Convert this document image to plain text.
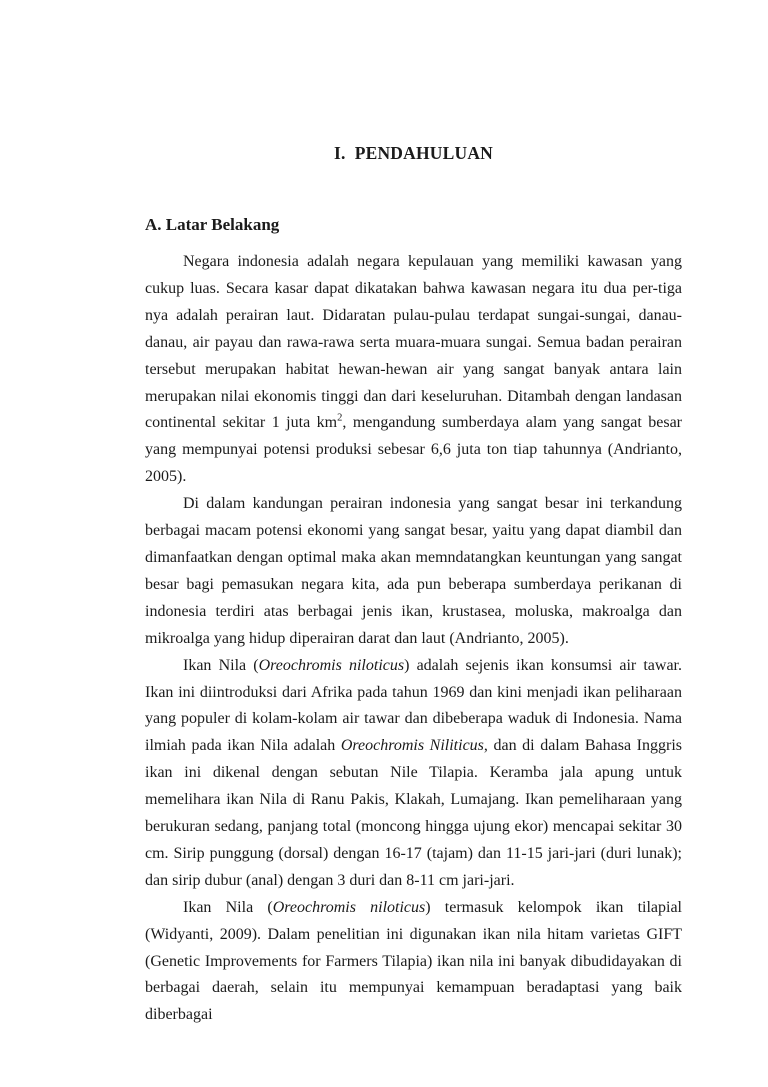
I.  PENDAHULUAN
A. Latar Belakang

Negara indonesia adalah negara kepulauan yang memiliki kawasan yang cukup luas. Secara kasar dapat dikatakan bahwa kawasan negara itu dua per-tiga nya adalah perairan laut. Didaratan pulau-pulau terdapat sungai-sungai, danau-danau, air payau dan rawa-rawa serta muara-muara sungai. Semua badan perairan tersebut merupakan habitat hewan-hewan air yang sangat banyak antara lain merupakan nilai ekonomis tinggi dan dari keseluruhan. Ditambah dengan landasan continental sekitar 1 juta $km^2$, mengandung sumberdaya alam yang sangat besar yang mempunyai potensi produksi sebesar 6,6 juta ton tiap tahunnya (Andrianto, 2005).

Di dalam kandungan perairan indonesia yang sangat besar ini terkandung berbagai macam potensi ekonomi yang sangat besar, yaitu yang dapat diambil dan dimanfaatkan dengan optimal maka akan memndatangkan keuntungan yang sangat besar bagi pemasukan negara kita, ada pun beberapa sumberdaya perikanan di indonesia terdiri atas berbagai jenis ikan, krustasea, moluska, makroalga dan mikroalga yang hidup diperairan darat dan laut (Andrianto, 2005).

Ikan Nila (Oreochromis niloticus) adalah sejenis ikan konsumsi air tawar. Ikan ini diintroduksi dari Afrika pada tahun 1969 dan kini menjadi ikan peliharaan yang populer di kolam-kolam air tawar dan dibeberapa waduk di Indonesia. Nama ilmiah pada ikan Nila adalah Oreochromis Niliticus, dan di dalam Bahasa Inggris ikan ini dikenal dengan sebutan Nile Tilapia. Keramba jala apung untuk memelihara ikan Nila di Ranu Pakis, Klakah, Lumajang. Ikan pemeliharaan yang berukuran sedang, panjang total (moncong hingga ujung ekor) mencapai sekitar 30 cm. Sirip punggung (dorsal) dengan 16-17 (tajam) dan 11-15 jari-jari (duri lunak); dan sirip dubur (anal) dengan 3 duri dan 8-11 cm jari-jari.

Ikan Nila (Oreochromis niloticus) termasuk kelompok ikan tilapial (Widyanti, 2009). Dalam penelitian ini digunakan ikan nila hitam varietas GIFT (Genetic Improvements for Farmers Tilapia) ikan nila ini banyak dibudidayakan di berbagai daerah, selain itu mempunyai kemampuan beradaptasi yang baik diberbagai
